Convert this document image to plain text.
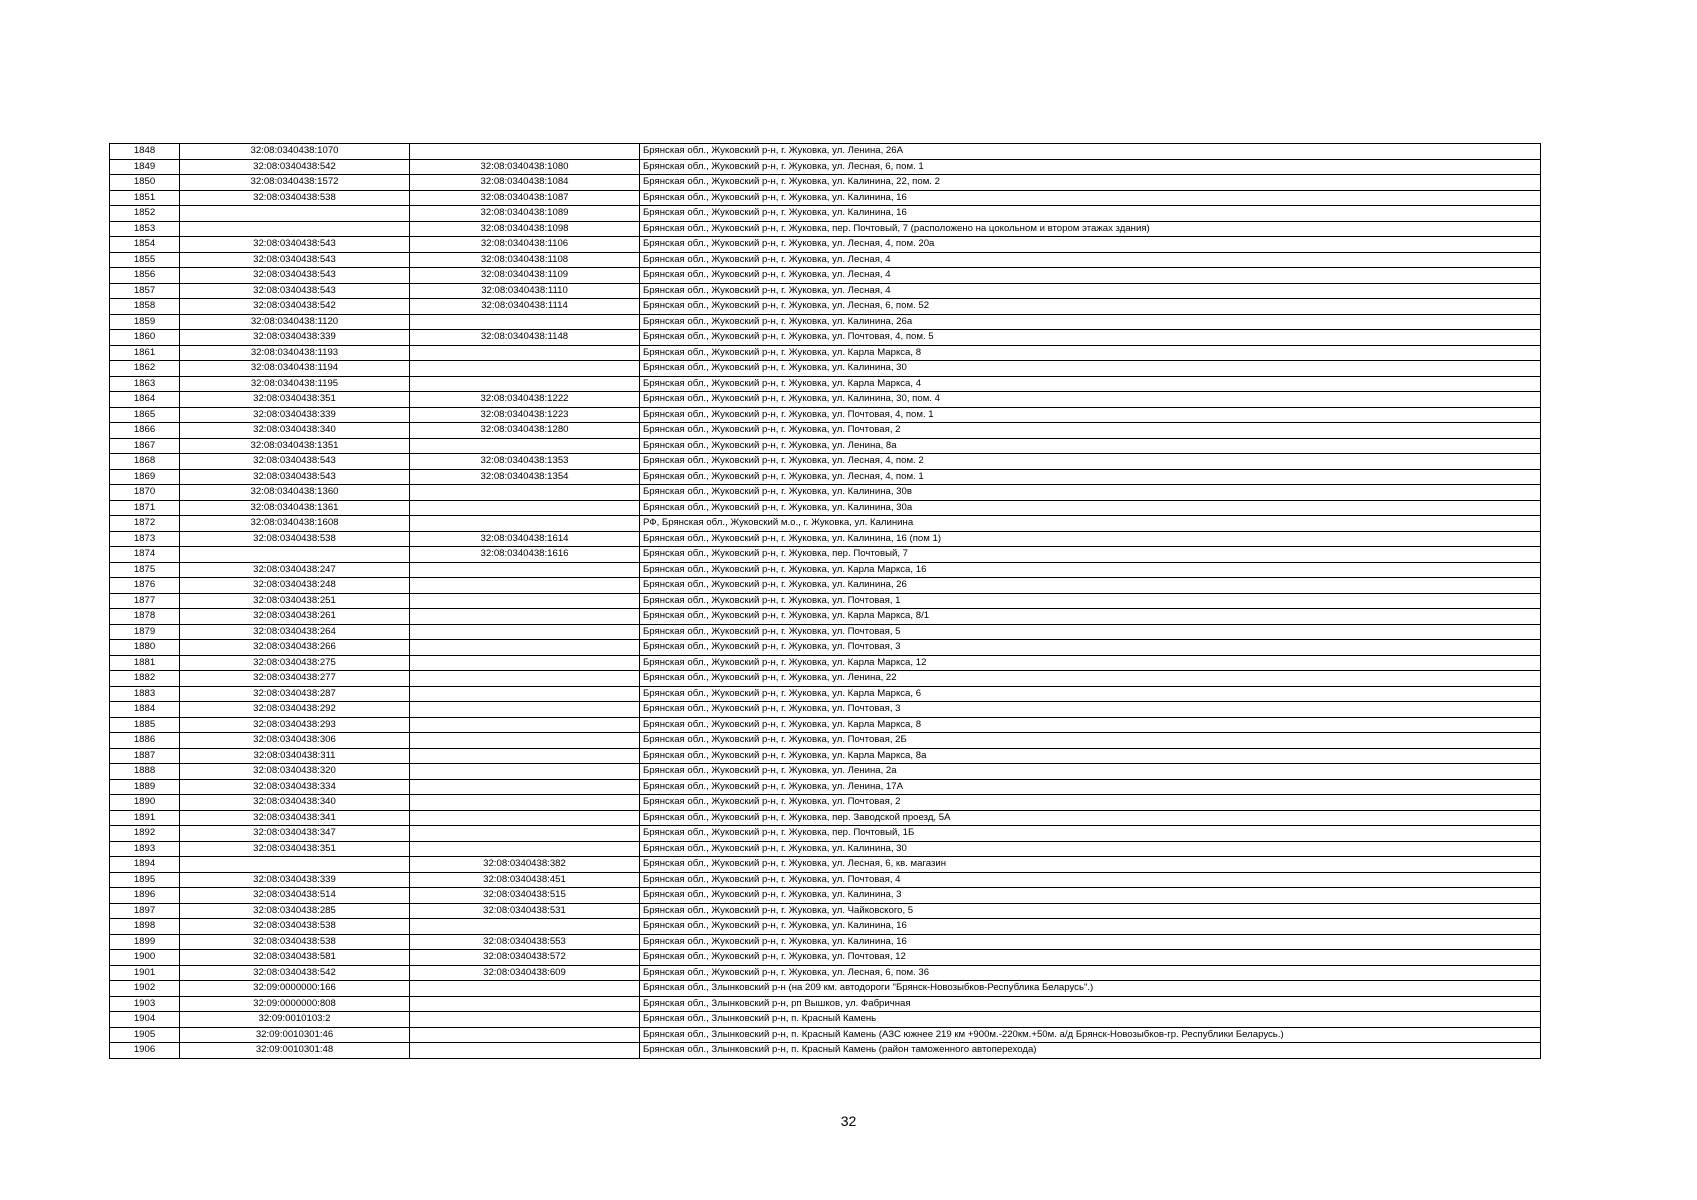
1848	32:08:0340438:1070		Брянская обл., Жуковский р-н, г. Жуковка, ул. Ленина, 26А
1849	32:08:0340438:542	32:08:0340438:1080	Брянская обл., Жуковский р-н, г. Жуковка, ул. Лесная, 6, пом. 1
1850	32:08:0340438:1572	32:08:0340438:1084	Брянская обл., Жуковский р-н, г. Жуковка, ул. Калинина, 22, пом. 2
1851	32:08:0340438:538	32:08:0340438:1087	Брянская обл., Жуковский р-н, г. Жуковка, ул. Калинина, 16
1852		32:08:0340438:1089	Брянская обл., Жуковский р-н, г. Жуковка, ул. Калинина, 16
1853		32:08:0340438:1098	Брянская обл., Жуковский р-н, г. Жуковка, пер. Почтовый, 7 (расположено на цокольном и втором этажах здания)
1854	32:08:0340438:543	32:08:0340438:1106	Брянская обл., Жуковский р-н, г. Жуковка, ул. Лесная, 4, пом. 20а
1855	32:08:0340438:543	32:08:0340438:1108	Брянская обл., Жуковский р-н, г. Жуковка, ул. Лесная, 4
1856	32:08:0340438:543	32:08:0340438:1109	Брянская обл., Жуковский р-н, г. Жуковка, ул. Лесная, 4
1857	32:08:0340438:543	32:08:0340438:1110	Брянская обл., Жуковский р-н, г. Жуковка, ул. Лесная, 4
1858	32:08:0340438:542	32:08:0340438:1114	Брянская обл., Жуковский р-н, г. Жуковка, ул. Лесная, 6, пом. 52
1859	32:08:0340438:1120		Брянская обл., Жуковский р-н, г. Жуковка, ул. Калинина, 26а
1860	32:08:0340438:339	32:08:0340438:1148	Брянская обл., Жуковский р-н, г. Жуковка, ул. Почтовая, 4, пом. 5
1861	32:08:0340438:1193		Брянская обл., Жуковский р-н, г. Жуковка, ул. Карла Маркса, 8
1862	32:08:0340438:1194		Брянская обл., Жуковский р-н, г. Жуковка, ул. Калинина, 30
1863	32:08:0340438:1195		Брянская обл., Жуковский р-н, г. Жуковка, ул. Карла Маркса, 4
1864	32:08:0340438:351	32:08:0340438:1222	Брянская обл., Жуковский р-н, г. Жуковка, ул. Калинина, 30, пом. 4
1865	32:08:0340438:339	32:08:0340438:1223	Брянская обл., Жуковский р-н, г. Жуковка, ул. Почтовая, 4, пом. 1
1866	32:08:0340438:340	32:08:0340438:1280	Брянская обл., Жуковский р-н, г. Жуковка, ул. Почтовая, 2
1867	32:08:0340438:1351		Брянская обл., Жуковский р-н, г. Жуковка, ул. Ленина, 8а
1868	32:08:0340438:543	32:08:0340438:1353	Брянская обл., Жуковский р-н, г. Жуковка, ул. Лесная, 4, пом. 2
1869	32:08:0340438:543	32:08:0340438:1354	Брянская обл., Жуковский р-н, г. Жуковка, ул. Лесная, 4, пом. 1
1870	32:08:0340438:1360		Брянская обл., Жуковский р-н, г. Жуковка, ул. Калинина, 30в
1871	32:08:0340438:1361		Брянская обл., Жуковский р-н, г. Жуковка, ул. Калинина, 30а
1872	32:08:0340438:1608		РФ, Брянская обл., Жуковский м.о., г. Жуковка, ул. Калинина
1873	32:08:0340438:538	32:08:0340438:1614	Брянская обл., Жуковский р-н, г. Жуковка, ул. Калинина, 16 (пом 1)
1874		32:08:0340438:1616	Брянская обл., Жуковский р-н, г. Жуковка, пер. Почтовый, 7
1875	32:08:0340438:247		Брянская обл., Жуковский р-н, г. Жуковка, ул. Карла Маркса, 16
1876	32:08:0340438:248		Брянская обл., Жуковский р-н, г. Жуковка, ул. Калинина, 26
1877	32:08:0340438:251		Брянская обл., Жуковский р-н, г. Жуковка, ул. Почтовая, 1
1878	32:08:0340438:261		Брянская обл., Жуковский р-н, г. Жуковка, ул. Карла Маркса, 8/1
1879	32:08:0340438:264		Брянская обл., Жуковский р-н, г. Жуковка, ул. Почтовая, 5
1880	32:08:0340438:266		Брянская обл., Жуковский р-н, г. Жуковка, ул. Почтовая, 3
1881	32:08:0340438:275		Брянская обл., Жуковский р-н, г. Жуковка, ул. Карла Маркса, 12
1882	32:08:0340438:277		Брянская обл., Жуковский р-н, г. Жуковка, ул. Ленина, 22
1883	32:08:0340438:287		Брянская обл., Жуковский р-н, г. Жуковка, ул. Карла Маркса, 6
1884	32:08:0340438:292		Брянская обл., Жуковский р-н, г. Жуковка, ул. Почтовая, 3
1885	32:08:0340438:293		Брянская обл., Жуковский р-н, г. Жуковка, ул. Карла Маркса, 8
1886	32:08:0340438:306		Брянская обл., Жуковский р-н, г. Жуковка, ул. Почтовая, 2Б
1887	32:08:0340438:311		Брянская обл., Жуковский р-н, г. Жуковка, ул. Карла Маркса, 8а
1888	32:08:0340438:320		Брянская обл., Жуковский р-н, г. Жуковка, ул. Ленина, 2а
1889	32:08:0340438:334		Брянская обл., Жуковский р-н, г. Жуковка, ул. Ленина, 17А
1890	32:08:0340438:340		Брянская обл., Жуковский р-н, г. Жуковка, ул. Почтовая, 2
1891	32:08:0340438:341		Брянская обл., Жуковский р-н, г. Жуковка, пер. Заводской проезд, 5А
1892	32:08:0340438:347		Брянская обл., Жуковский р-н, г. Жуковка, пер. Почтовый, 1Б
1893	32:08:0340438:351		Брянская обл., Жуковский р-н, г. Жуковка, ул. Калинина, 30
1894		32:08:0340438:382	Брянская обл., Жуковский р-н, г. Жуковка, ул. Лесная, 6, кв. магазин
1895	32:08:0340438:339	32:08:0340438:451	Брянская обл., Жуковский р-н, г. Жуковка, ул. Почтовая, 4
1896	32:08:0340438:514	32:08:0340438:515	Брянская обл., Жуковский р-н, г. Жуковка, ул. Калинина, 3
1897	32:08:0340438:285	32:08:0340438:531	Брянская обл., Жуковский р-н, г. Жуковка, ул. Чайковского, 5
1898	32:08:0340438:538		Брянская обл., Жуковский р-н, г. Жуковка, ул. Калинина, 16
1899	32:08:0340438:538	32:08:0340438:553	Брянская обл., Жуковский р-н, г. Жуковка, ул. Калинина, 16
1900	32:08:0340438:581	32:08:0340438:572	Брянская обл., Жуковский р-н, г. Жуковка, ул. Почтовая, 12
1901	32:08:0340438:542	32:08:0340438:609	Брянская обл., Жуковский р-н, г. Жуковка, ул. Лесная, 6, пом. 36
1902	32:09:0000000:166		Брянская обл., Злынковский р-н (на 209 км. автодороги "Брянск-Новозыбков-Республика Беларусь".)
1903	32:09:0000000:808		Брянская обл., Злынковский р-н, рп Вышков, ул. Фабричная
1904	32:09:0010103:2		Брянская обл., Злынковский р-н, п. Красный Камень
1905	32:09:0010301:46		Брянская обл., Злынковский р-н, п. Красный Камень (АЗС южнее 219 км +900м.-220км.+50м. а/д Брянск-Новозыбков-гр. Республики Беларусь.)
1906	32:09:0010301:48		Брянская обл., Злынковский р-н, п. Красный Камень (район таможенного автоперехода)
32
